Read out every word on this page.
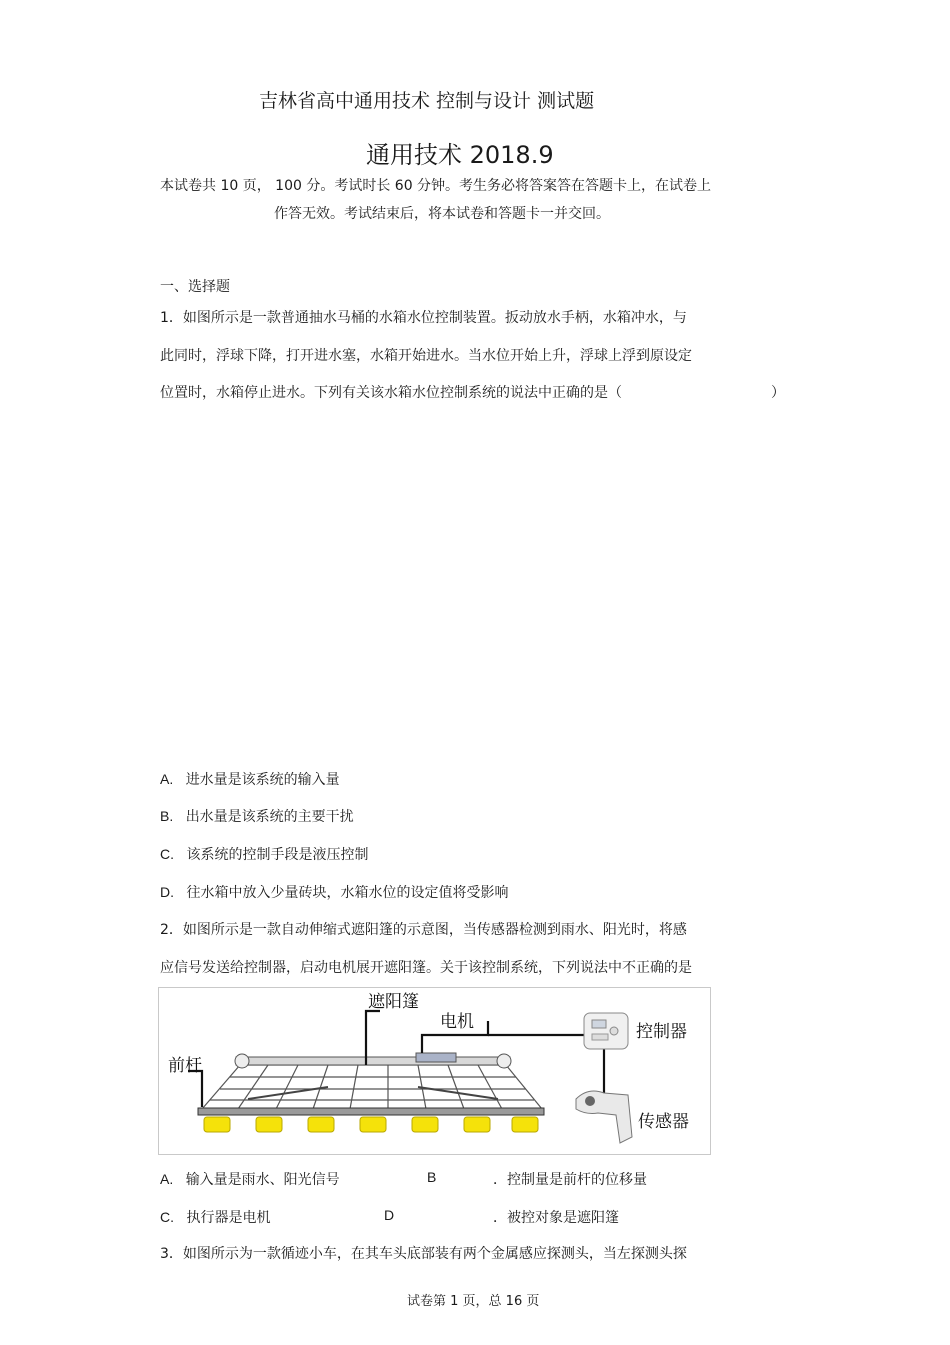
吉林省高中通用技术 控制与设计 测试题
通用技术 2018.9
本试卷共 10 页， 100 分。考试时长 60 分钟。考生务必将答案答在答题卡上，在试卷上
作答无效。考试结束后，将本试卷和答题卡一并交回。
一、选择题
1．如图所示是一款普通抽水马桶的水箱水位控制装置。扳动放水手柄，水箱冲水，与
此同时，浮球下降，打开进水塞，水箱开始进水。当水位开始上升，浮球上浮到原设定
位置时，水箱停止进水。下列有关该水箱水位控制系统的说法中正确的是（	）
A. 进水量是该系统的输入量
B. 出水量是该系统的主要干扰
C. 该系统的控制手段是液压控制
D. 往水箱中放入少量砖块，水箱水位的设定值将受影响
2．如图所示是一款自动伸缩式遮阳篷的示意图，当传感器检测到雨水、阳光时，将感
应信号发送给控制器，启动电机展开遮阳篷。关于该控制系统，下列说法中不正确的是
遮阳篷
电机
前杆
控制器
传感器
A. 输入量是雨水、阳光信号	B	．控制量是前杆的位移量
C. 执行器是电机	D	．被控对象是遮阳篷
3．如图所示为一款循迹小车，在其车头底部装有两个金属感应探测头，当左探测头探
试卷第 1 页，总 16 页
